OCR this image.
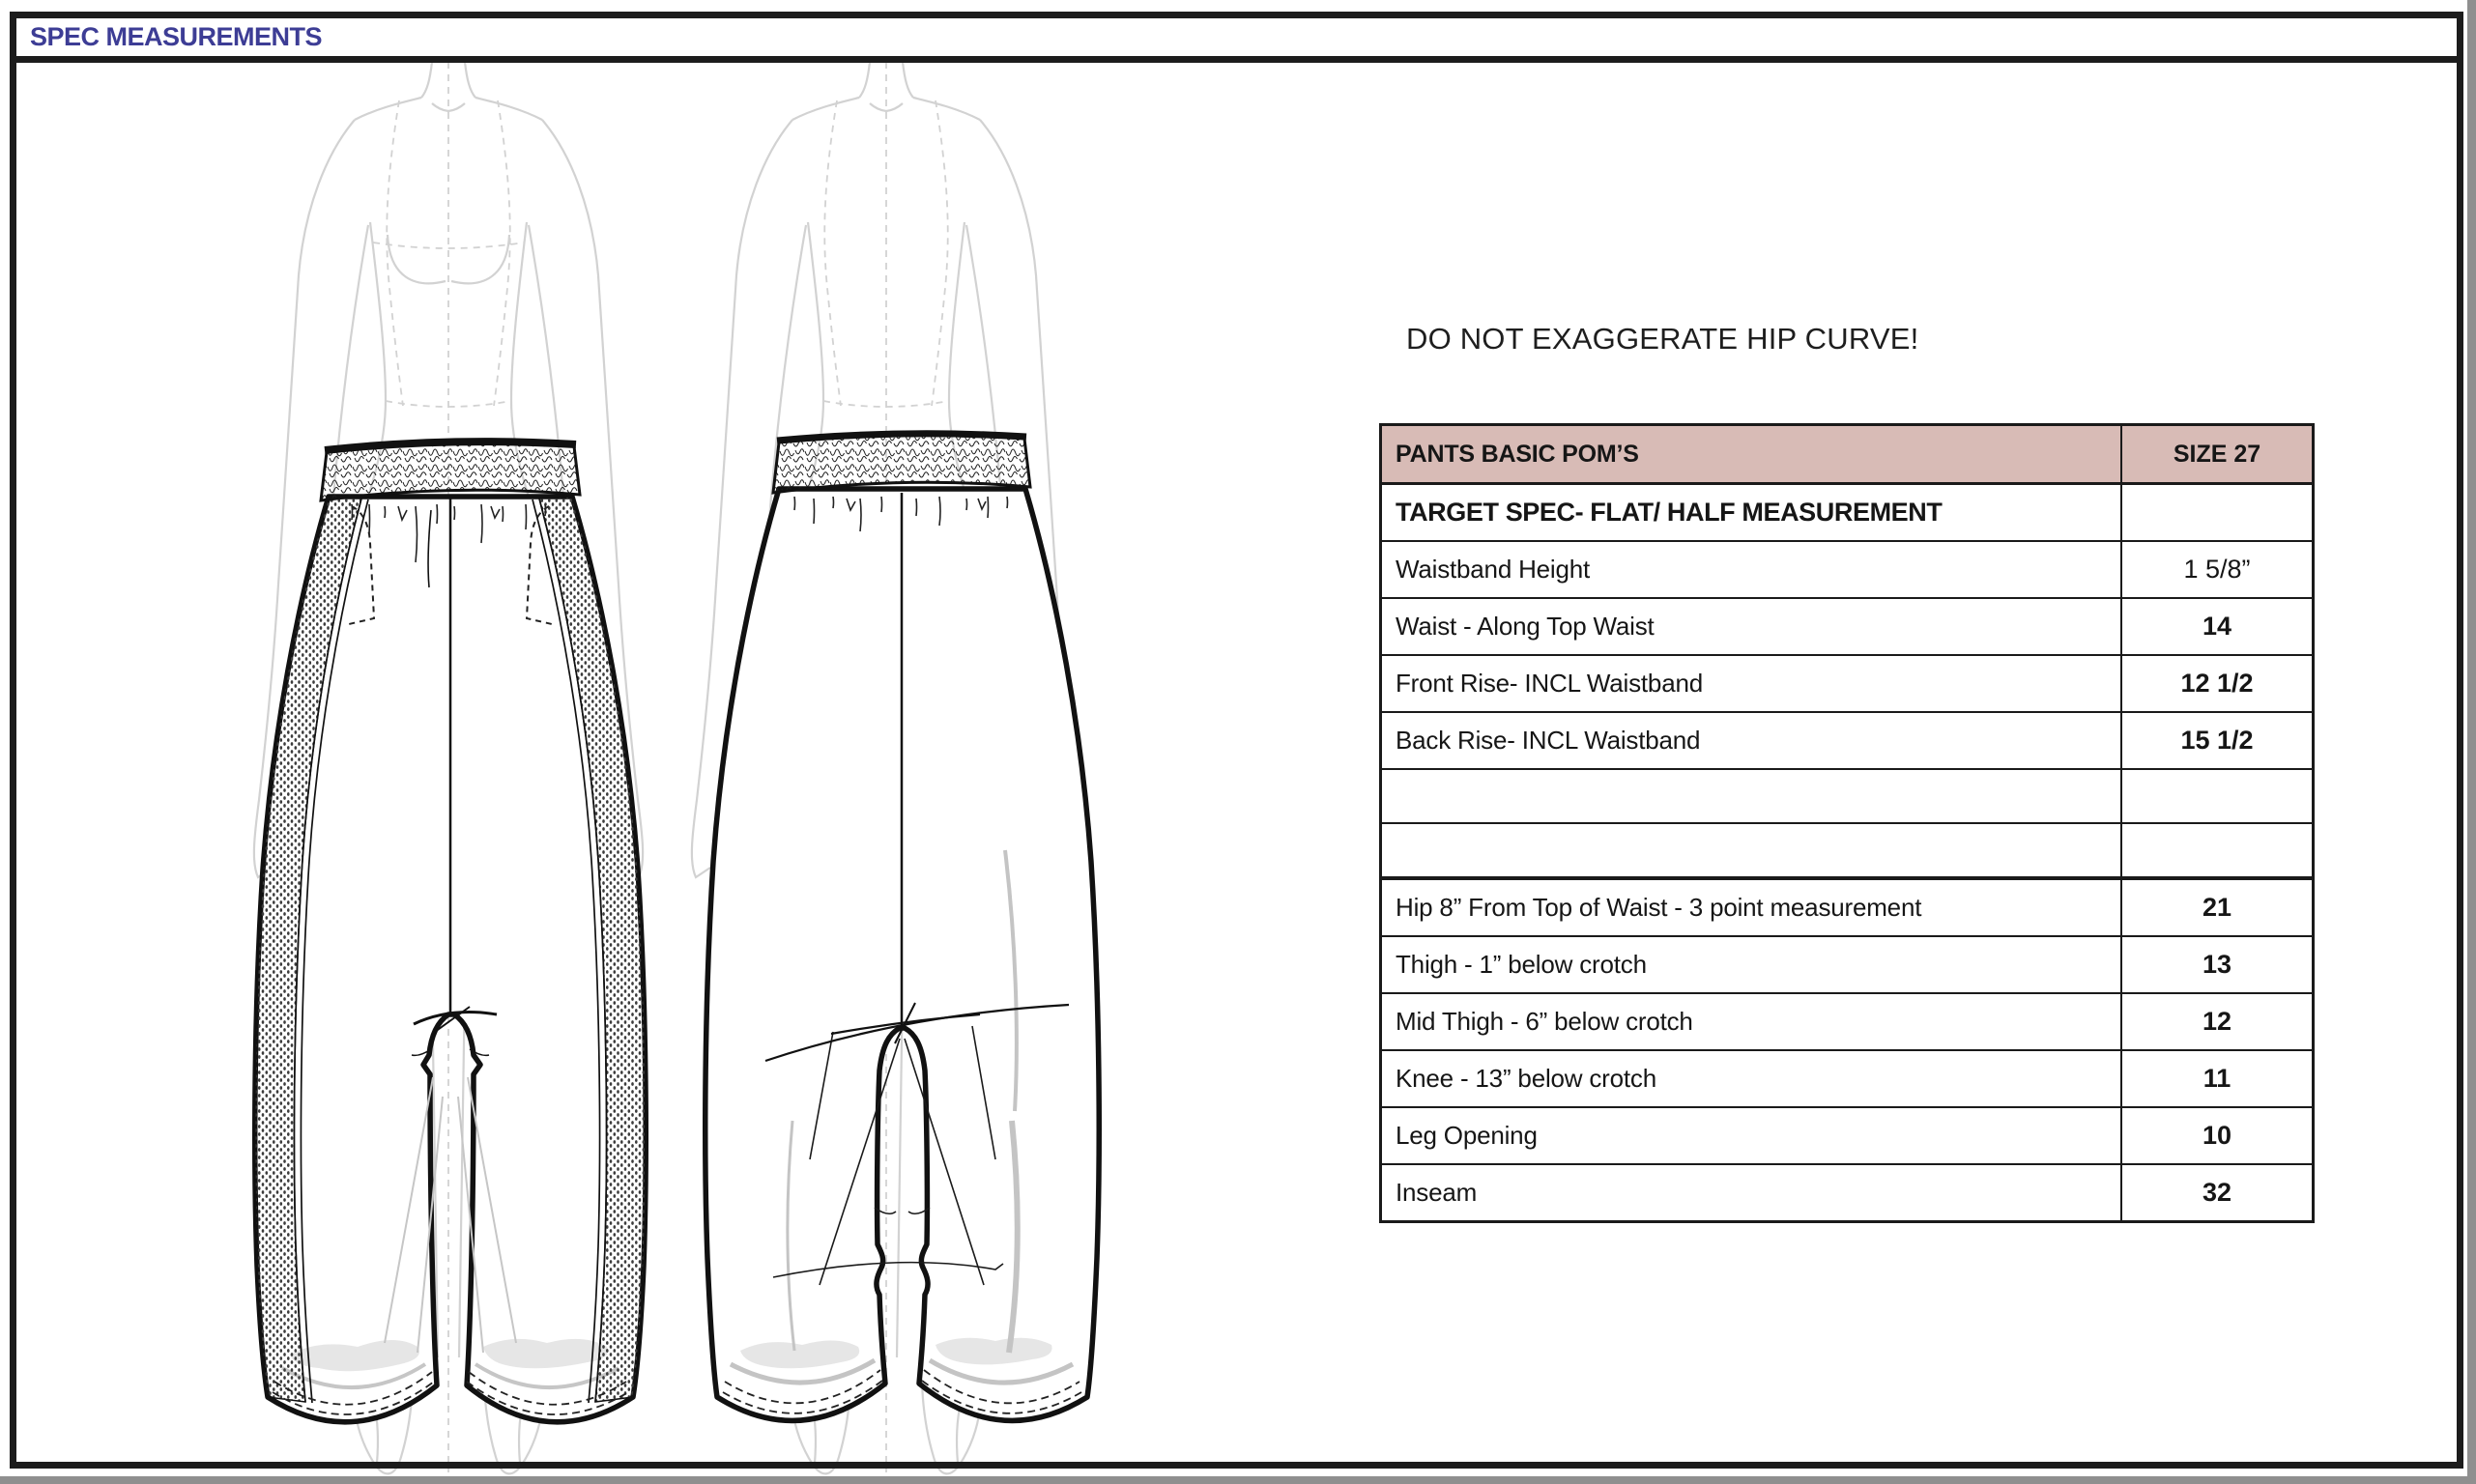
SPEC MEASUREMENTS
DO NOT EXAGGERATE HIP CURVE!
PANTS BASIC POM’S	SIZE 27
TARGET SPEC- FLAT/ HALF MEASUREMENT
Waistband Height	1 5/8”
Waist - Along Top Waist	14
Front Rise- INCL Waistband	12 1/2
Back Rise- INCL Waistband	15 1/2
Hip 8” From Top of Waist - 3 point measurement	21
Thigh - 1” below crotch	13
Mid Thigh - 6” below crotch	12
Knee - 13” below crotch	11
Leg Opening	10
Inseam	32
